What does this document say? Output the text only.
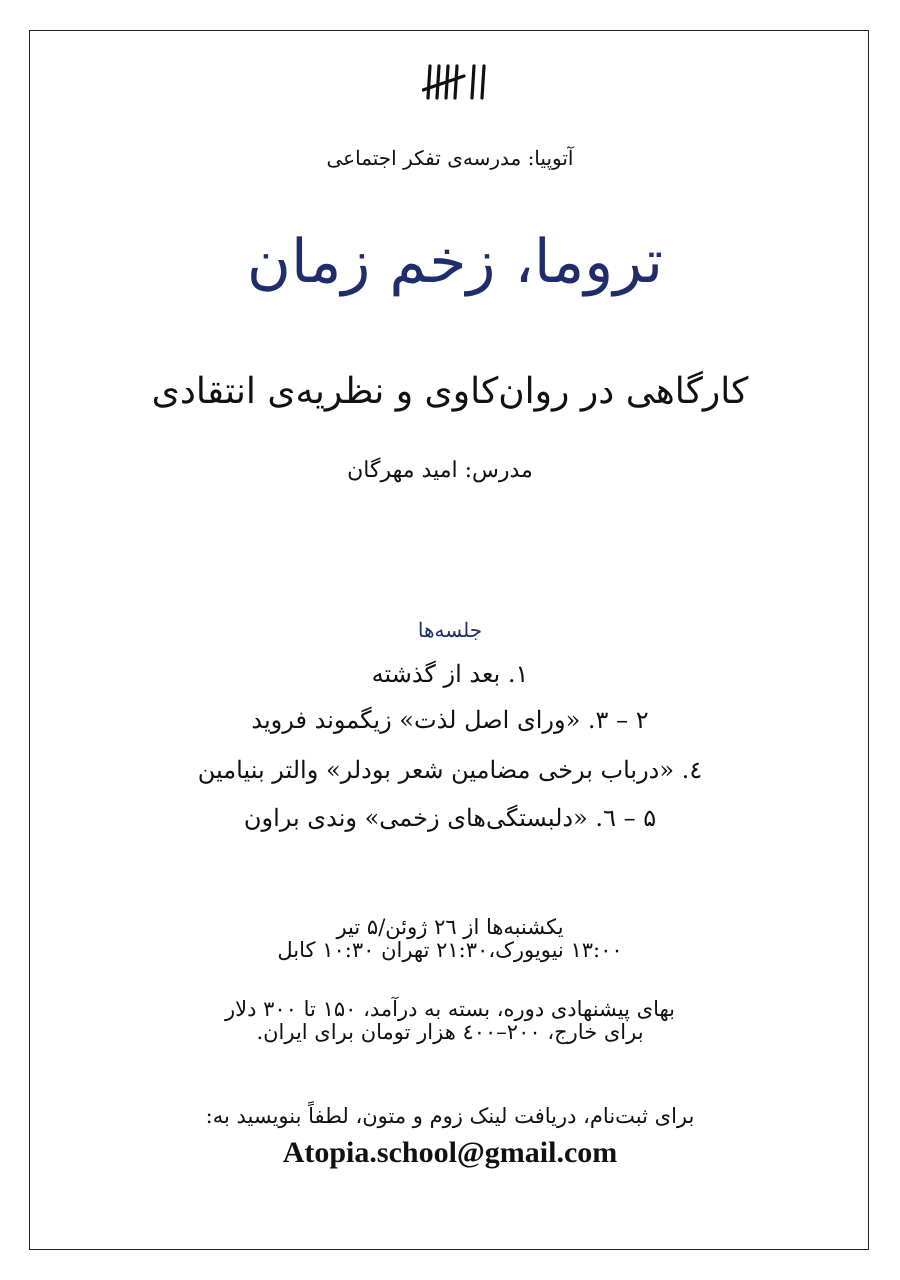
آتوپیا: مدرسه‌ی تفکر اجتماعی
تروما، زخم زمان
کارگاهی در روان‌کاوی و نظریه‌ی انتقادی
مدرس: امید مهرگان
جلسه‌ها
۱. بعد از گذشته
۲ – ۳. «ورای اصل لذت» زیگموند فروید
٤. «درباب برخی مضامین شعر بودلر» والتر بنیامین
۵ – ٦. «دلبستگی‌های زخمی» وندی براون
یکشنبه‌ها از ۲٦ ژوئن/۵ تیر
۱۳:۰۰ نیویورک،۲۱:۳۰ تهران ۱۰:۳۰ کابل
بهای پیشنهادی دوره، بسته به درآمد، ۱۵۰ تا ۳۰۰ دلار
برای خارج، ۲۰۰–٤۰۰ هزار تومان برای ایران.
برای ثبت‌نام، دریافت لینک زوم و متون، لطفاً بنویسید به:
Atopia.school@gmail.com
